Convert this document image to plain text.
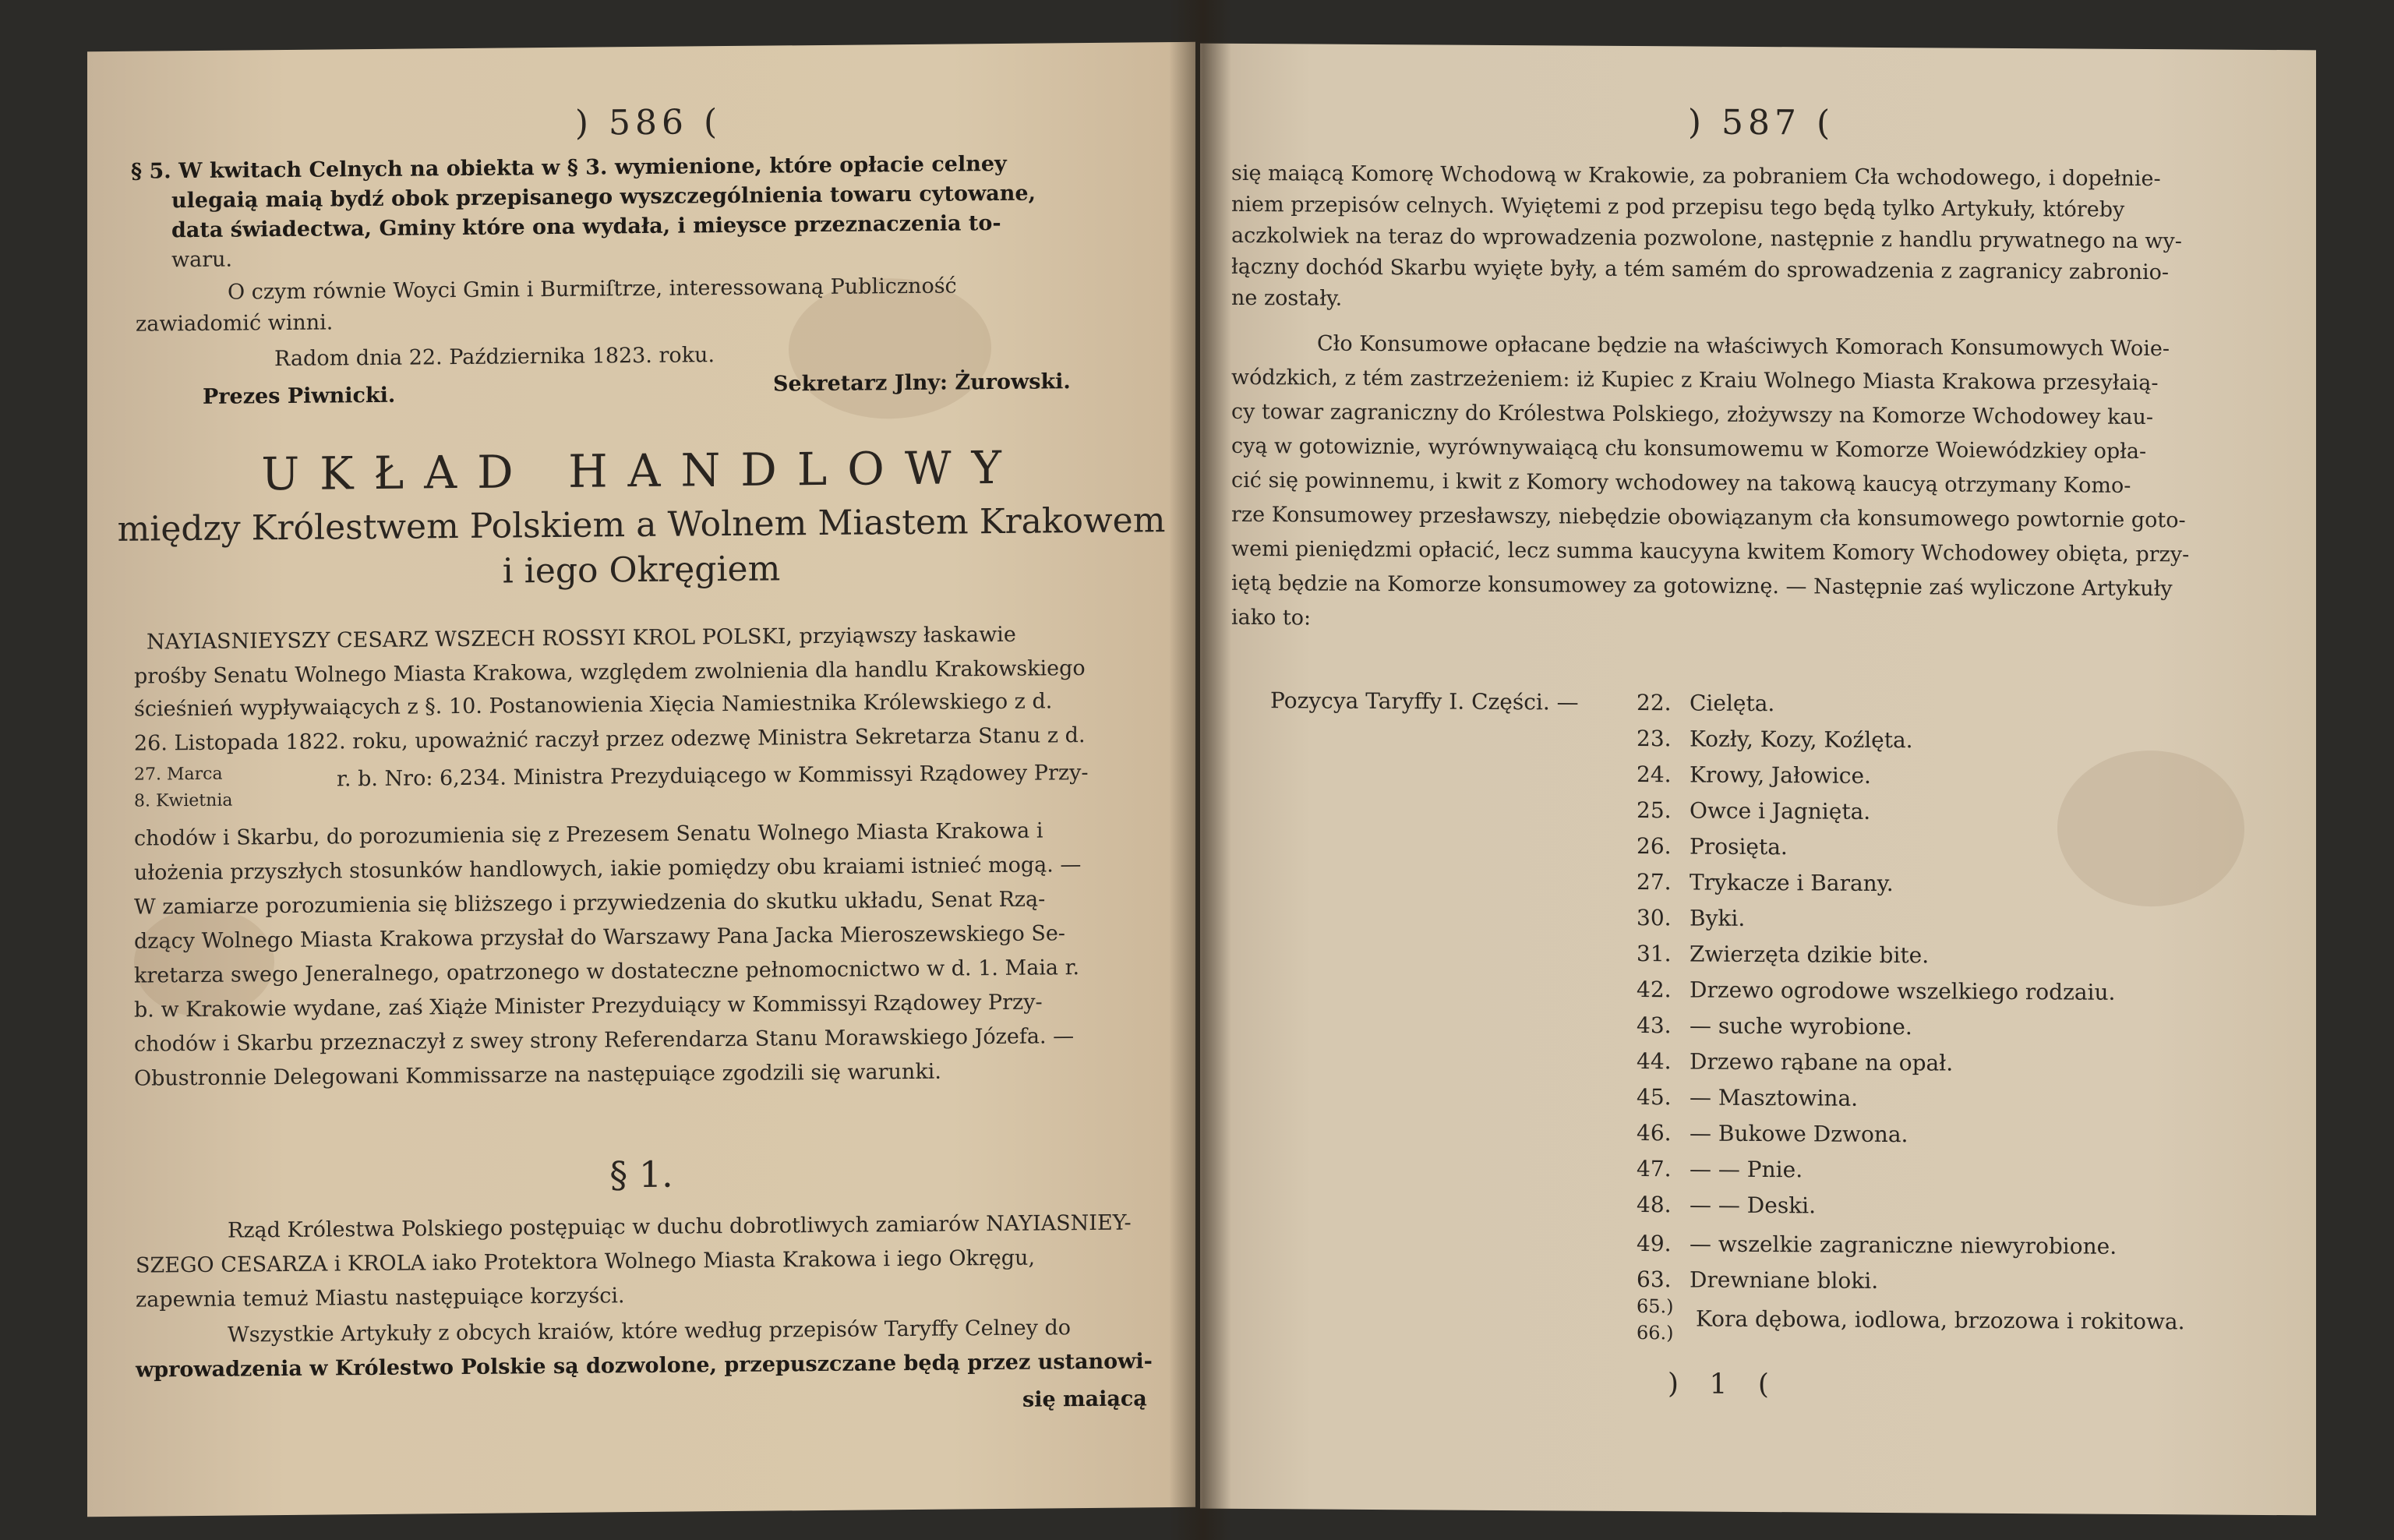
) 586 (
§ 5. W kwitach Celnych na obiekta w § 3. wymienione, które opłacie celney
ulegaią maią bydź obok przepisanego wyszczególnienia towaru cytowane,
data świadectwa, Gminy które ona wydała, i mieysce przeznaczenia to-
waru.
O czym równie Woyci Gmin i Burmiſtrze, interessowaną Publiczność
zawiadomić winni.
Radom dnia 22. Października 1823. roku.
Prezes Piwnicki.	Sekretarz Jlny: Żurowski.
UKŁAD HANDLOWY
między Królestwem Polskiem a Wolnem Miastem Krakowem
i iego Okręgiem
NAYIASNIEYSZY CESARZ WSZECH ROSSYI KROL POLSKI, przyiąwszy łaskawie
prośby Senatu Wolnego Miasta Krakowa, względem zwolnienia dla handlu Krakowskiego
ścieśnień wypływaiących z §. 10. Postanowienia Xięcia Namiestnika Królewskiego z d.
26. Listopada 1822. roku, upoważnić raczył przez odezwę Ministra Sekretarza Stanu z d.
27. Marca	r. b. Nro: 6,234. Ministra Prezyduiącego w Kommissyi Rządowey Przy-
8. Kwietnia
chodów i Skarbu, do porozumienia się z Prezesem Senatu Wolnego Miasta Krakowa i
ułożenia przyszłych stosunków handlowych, iakie pomiędzy obu kraiami istnieć mogą. —
W zamiarze porozumienia się bliższego i przywiedzenia do skutku układu, Senat Rzą-
dzący Wolnego Miasta Krakowa przysłał do Warszawy Pana Jacka Mieroszewskiego Se-
kretarza swego Jeneralnego, opatrzonego w dostateczne pełnomocnictwo w d. 1. Maia r.
b. w Krakowie wydane, zaś Xiąże Minister Prezyduiący w Kommissyi Rządowey Przy-
chodów i Skarbu przeznaczył z swey strony Referendarza Stanu Morawskiego Józefa. —
Obustronnie Delegowani Kommissarze na następuiące zgodzili się warunki.
§ 1.
Rząd Królestwa Polskiego postępuiąc w duchu dobrotliwych zamiarów NAYIASNIEY-
SZEGO CESARZA i KROLA iako Protektora Wolnego Miasta Krakowa i iego Okręgu,
zapewnia temuż Miastu następuiące korzyści.
Wszystkie Artykuły z obcych kraiów, które według przepisów Taryffy Celney do
wprowadzenia w Królestwo Polskie są dozwolone, przepuszczane będą przez ustanowi-
się maiącą
) 587 (
się maiącą Komorę Wchodową w Krakowie, za pobraniem Cła wchodowego, i dopełnie-
niem przepisów celnych. Wyiętemi z pod przepisu tego będą tylko Artykuły, któreby
aczkolwiek na teraz do wprowadzenia pozwolone, następnie z handlu prywatnego na wy-
łączny dochód Skarbu wyięte były, a tém samém do sprowadzenia z zagranicy zabronio-
ne zostały.
Cło Konsumowe opłacane będzie na właściwych Komorach Konsumowych Woie-
wódzkich, z tém zastrzeżeniem: iż Kupiec z Kraiu Wolnego Miasta Krakowa przesyłaią-
cy towar zagraniczny do Królestwa Polskiego, złożywszy na Komorze Wchodowey kau-
cyą w gotowiznie, wyrównywaiącą cłu konsumowemu w Komorze Woiewódzkiey opła-
cić się powinnemu, i kwit z Komory wchodowey na takową kaucyą otrzymany Komo-
rze Konsumowey przesławszy, niebędzie obowiązanym cła konsumowego powtornie goto-
wemi pieniędzmi opłacić, lecz summa kaucyyna kwitem Komory Wchodowey obięta, przy-
iętą będzie na Komorze konsumowey za gotowiznę. — Następnie zaś wyliczone Artykuły
iako to:
Pozycya Taryffy I. Części. —	22. Cielęta.
23. Kozły, Kozy, Koźlęta.
24. Krowy, Jałowice.
25. Owce i Jagnięta.
26. Prosięta.
27. Trykacze i Barany.
30. Byki.
31. Zwierzęta dzikie bite.
42. Drzewo ogrodowe wszelkiego rodzaiu.
43. — suche wyrobione.
44. Drzewo rąbane na opał.
45. — Masztowina.
46. — Bukowe Dzwona.
47. — — Pnie.
48. — — Deski.
49. — wszelkie zagraniczne niewyrobione.
63. Drewniane bloki.
65.)
66.) Kora dębowa, iodlowa, brzozowa i rokitowa.
) 1 (
